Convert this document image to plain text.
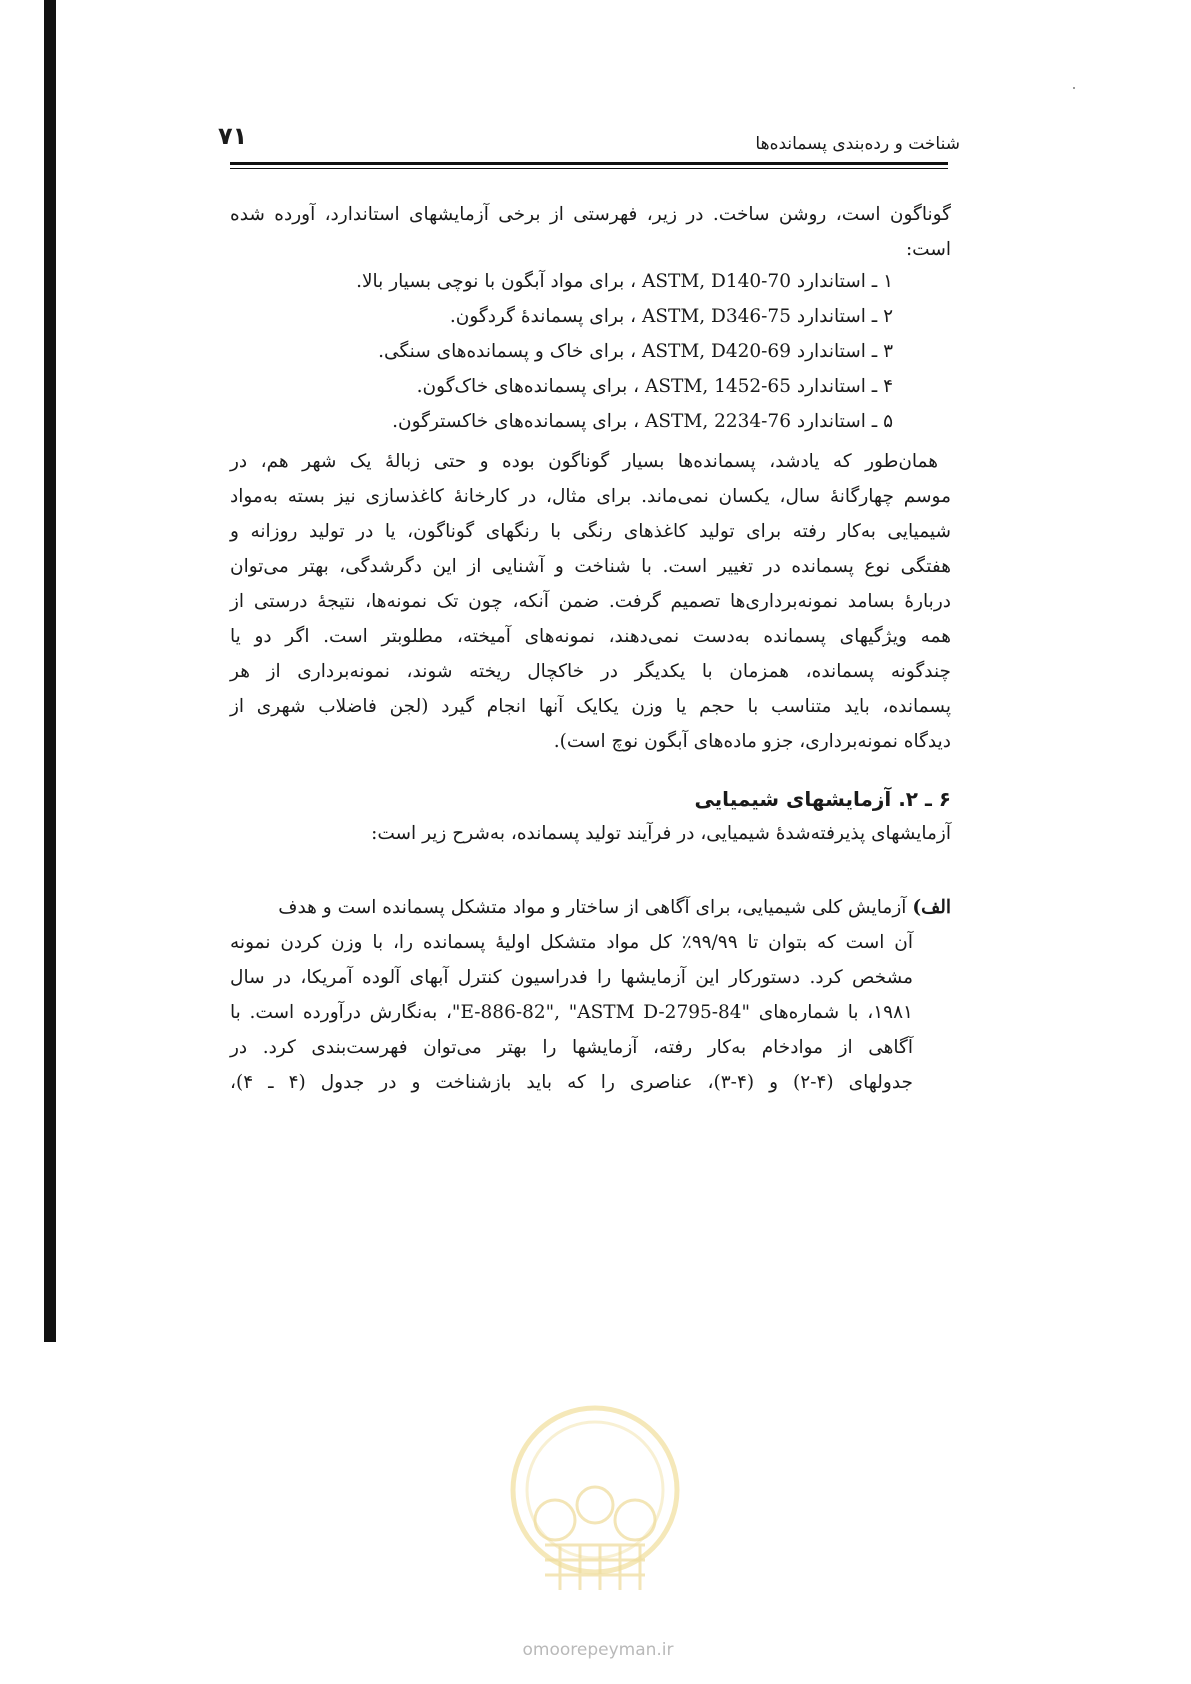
۷۱	شناخت و رده‌بندی پسمانده‌ها
گوناگون است، روشن ساخت. در زیر، فهرستی از برخی آزمایشهای استاندارد، آورده شده
است:
۱ ـ استاندارد ASTM, D140-70 ، برای مواد آبگون با نوچی بسیار بالا.
۲ ـ استاندارد ASTM, D346-75 ، برای پسماندهٔ گردگون.
۳ ـ استاندارد ASTM, D420-69 ، برای خاک و پسمانده‌های سنگی.
۴ ـ استاندارد ASTM, 1452-65 ، برای پسمانده‌های خاک‌گون.
۵ ـ استاندارد ASTM, 2234-76 ، برای پسمانده‌های خاکسترگون.
همان‌طور که یادشد، پسمانده‌ها بسیار گوناگون بوده و حتی زبالهٔ یک شهر هم، در
موسم چهارگانهٔ سال، یکسان نمی‌ماند. برای مثال، در کارخانهٔ کاغذسازی نیز بسته به‌مواد
شیمیایی به‌کار رفته برای تولید کاغذهای رنگی با رنگهای گوناگون، یا در تولید روزانه و
هفتگی نوع پسمانده در تغییر است. با شناخت و آشنایی از این دگرشدگی، بهتر می‌توان
دربارهٔ بسامد نمونه‌برداری‌ها تصمیم گرفت. ضمن آنکه، چون تک نمونه‌ها، نتیجهٔ درستی از
همه ویژگیهای پسمانده به‌دست نمی‌دهند، نمونه‌های آمیخته، مطلوبتر است. اگر دو یا
چندگونه پسمانده، همزمان با یکدیگر در خاکچال ریخته شوند، نمونه‌برداری از هر
پسمانده، باید متناسب با حجم یا وزن یکایک آنها انجام گیرد (لجن فاضلاب شهری از
دیدگاه نمونه‌برداری، جزو ماده‌های آبگون نوچ است).
۶ ـ ۲. آزمایشهای شیمیایی
آزمایشهای پذیرفته‌شدهٔ شیمیایی، در فرآیند تولید پسمانده، به‌شرح زیر است:
الف) آزمایش کلی شیمیایی، برای آگاهی از ساختار و مواد متشکل پسمانده است و هدف
آن است که بتوان تا ۹۹/۹۹٪ کل مواد متشکل اولیهٔ پسمانده را، با وزن کردن نمونه
مشخص کرد. دستورکار این آزمایشها را فدراسیون کنترل آبهای آلوده آمریکا، در سال
۱۹۸۱، با شماره‌های "E-886-82", "ASTM D-2795-84"، به‌نگارش درآورده است. با
آگاهی از موادخام به‌کار رفته، آزمایشها را بهتر می‌توان فهرست‌بندی کرد. در
جدولهای (۴-۲) و (۴-۳)، عناصری را که باید بازشناخت و در جدول (۴ ـ ۴)،
omoorepeyman.ir
